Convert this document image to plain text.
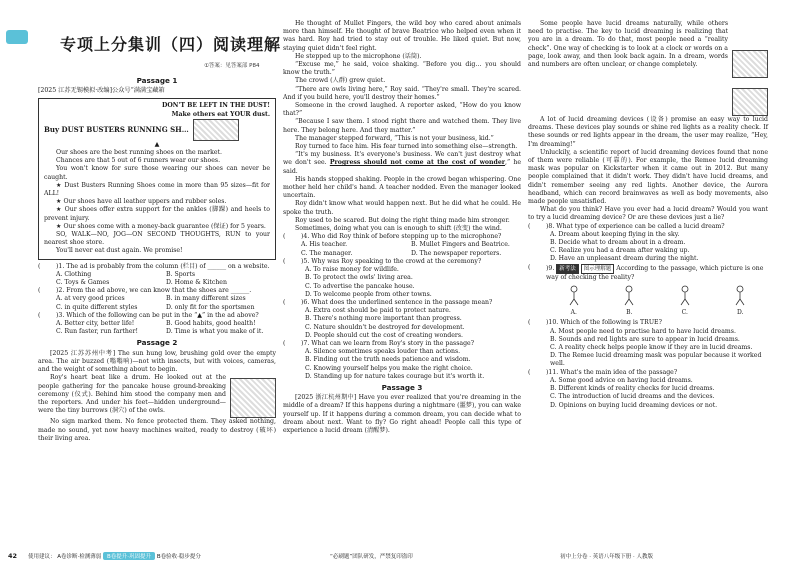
专项上分集训（四）阅读理解
①答案：见答案部 P84
Passage 1

[2025 江苏无锡模拟·改编]公众号“满满宝藏箱

DON'T BE LEFT IN THE DUST!
Make others eat YOUR dust.
Buy DUST BUSTERS RUNNING SH…
▲

Our shoes are the best running shoes on the market.

Chances are that 5 out of 6 runners wear our shoes.

You won't know for sure those wearing our shoes can never be caught.

★ Dust Busters Running Shoes come in more than 95 sizes—fit for ALL!

★ Our shoes have all leather uppers and rubber soles.

★ Our shoes offer extra support for the ankles (脚踝) and heels to prevent injury.

★ Our shoes come with a money-back guarantee (保证) for 5 years.

SO, WALK—NO, JOG—ON SECOND THOUGHTS, RUN to your nearest shoe store.

You'll never eat dust again. We promise!

(	)1. The ad is probably from the column (栏目) of ______ on a website.
A. Clothing	B. Sports
C. Toys & Games	D. Home & Kitchen
(	)2. From the ad above, we can know that the shoes are ______.
A. at very good prices	B. in many different sizes
C. in quite different styles	D. only fit for the sportsmen
(	)3. Which of the following can be put in the “▲” in the ad above?
A. Better city, better life!	B. Good habits, good health!
C. Run faster, run farther!	D. Time is what you make of it.
Passage 2

[2025 江苏苏州中考] The sun hung low, brushing gold over the empty area. The air buzzed (嗡嗡响)—not with insects, but with voices, cameras, and the weight of something about to begin.

Roy's heart beat like a drum. He looked out at the people gathering for the pancake house ground-breaking ceremony (仪式). Behind him stood the company men and the reporters. And under his feet—hidden underground—were the tiny burrows (洞穴) of the owls.

No sign marked them. No fence protected them. They asked nothing, made no sound, yet now heavy machines waited, ready to destroy (破坏) their living area.

He thought of Mullet Fingers, the wild boy who cared about animals more than himself. He thought of brave Beatrice who helped even when it was hard. Roy had tried to stay out of trouble. He liked quiet. But now, staying quiet didn't feel right.

He stepped up to the microphone (话筒).

“Excuse me,” he said, voice shaking. “Before you dig… you should know the truth.”

The crowd (人群) grew quiet.

“There are owls living here,” Roy said. “They're small. They're scared. And if you build here, you'll destroy their homes.”

Someone in the crowd laughed. A reporter asked, “How do you know that?”

“Because I saw them. I stood right there and watched them. They live here. They belong here. And they matter.”

The manager stepped forward, “This is not your business, kid.”

Roy turned to face him. His fear turned into something else—strength.

“It's my business. It's everyone's business. We can't just destroy what we don't see. Progress should not come at the cost of wonder,” he said.

His hands stopped shaking. People in the crowd began whispering. One mother held her child's hand. A teacher nodded. Even the manager looked uncertain.

Roy didn't know what would happen next. But he did what he could. He spoke the truth.

Roy used to be scared. But doing the right thing made him stronger.

Sometimes, doing what you can is enough to shift (改变) the wind.

(	)4. Who did Roy think of before stepping up to the microphone?
A. His teacher.	B. Mullet Fingers and Beatrice.
C. The manager.	D. The newspaper reporters.
(	)5. Why was Roy speaking to the crowd at the ceremony?
A. To raise money for wildlife.
B. To protect the owls' living area.
C. To advertise the pancake house.
D. To welcome people from other towns.
(	)6. What does the underlined sentence in the passage mean?
A. Extra cost should be paid to protect nature.
B. There's nothing more important than progress.
C. Nature shouldn't be destroyed for development.
D. People should cut the cost of creating wonders.
(	)7. What can we learn from Roy's story in the passage?
A. Silence sometimes speaks louder than actions.
B. Finding out the truth needs patience and wisdom.
C. Knowing yourself helps you make the right choice.
D. Standing up for nature takes courage but it's worth it.
Passage 3

[2025 浙江杭州期中] Have you ever realized that you're dreaming in the middle of a dream? If this happens during a nightmare (噩梦), you can wake yourself up. If it happens during a common dream, you can decide what to dream about next. Want to fly? Go right ahead! People call this type of experience a lucid dream (清醒梦).

Some people have lucid dreams naturally, while others need to practise. The key to lucid dreaming is realizing that you are in a dream. To do that, most people need a “reality check”. One way of checking is to look at a clock or words on a page, look away, and then look back again. In a dream, words and numbers are often unclear, or change completely.

A lot of lucid dreaming devices (设备) promise an easy way to lucid dreams. These devices play sounds or shine red lights as a reality check. If these sounds or red lights appear in the dream, the user may realize, “Hey, I'm dreaming!”

Unluckily, a scientific report of lucid dreaming devices found that none of them were reliable (可靠的). For example, the Remee lucid dreaming mask was popular on Kickstarter when it came out in 2012. But many people complained that it didn't work. They didn't have lucid dreams, and didn't remember seeing any red lights. Another device, the Aurora headband, which can record brainwaves as well as body movements, also made people unsatisfied.

What do you think? Have you ever had a lucid dream? Would you want to try a lucid dreaming device? Or are these devices just a lie?

(	)8. What type of experience can be called a lucid dream?
A. Dream about keeping flying in the sky.
B. Decide what to dream about in a dream.
C. Realize you had a dream after waking up.
D. Have an unpleasant dream during the night.
(	)9. 新考法 图示理解题 According to the passage, which picture is one way of checking the reality?

A.	B.	C.	D.
(	)10. Which of the following is TRUE?
A. Most people need to practise hard to have lucid dreams.
B. Sounds and red lights are sure to appear in lucid dreams.
C. A reality check helps people know if they are in lucid dreams.
D. The Remee lucid dreaming mask was popular because it worked well.
(	)11. What's the main idea of the passage?
A. Some good advice on having lucid dreams.
B. Different kinds of reality checks for lucid dreams.
C. The introduction of lucid dreams and the devices.
D. Opinions on buying lucid dreaming devices or not.
42 使用建议： A卷诊断·检测薄弱 B卷提升·巩固提升 B卷验收·稳步提分	“必刷题”团队研发，严禁复印盗印	初中上分卷 · 英语八年级下册 · 人教版
